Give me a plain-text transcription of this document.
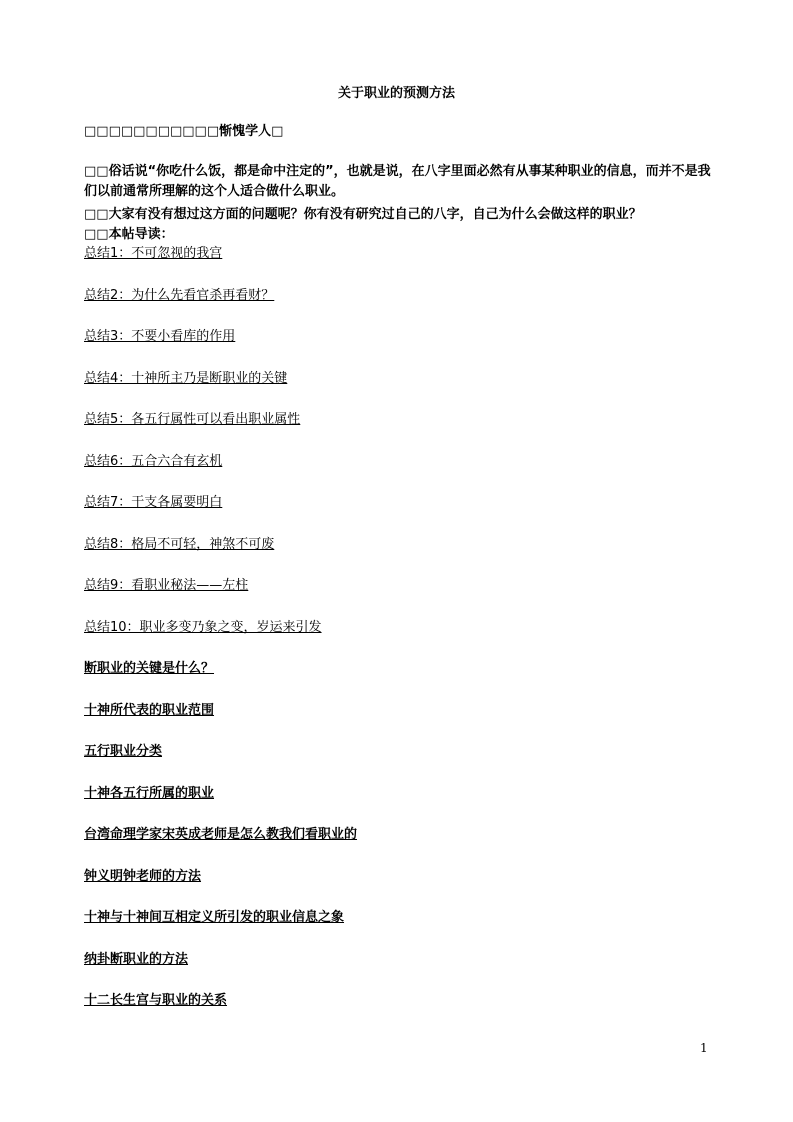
关于职业的预测方法
□□□□□□□□□□□惭愧学人□
□□俗话说“你吃什么饭，都是命中注定的”，也就是说，在八字里面必然有从事某种职业的信息，而并不是我们以前通常所理解的这个人适合做什么职业。
□□大家有没有想过这方面的问题呢？你有没有研究过自己的八字，自己为什么会做这样的职业？
□□本帖导读：
总结1：不可忽视的我宫
总结2：为什么先看官杀再看财？
总结3：不要小看库的作用
总结4：十神所主乃是断职业的关键
总结5：各五行属性可以看出职业属性
总结6：五合六合有玄机
总结7：干支各属要明白
总结8：格局不可轻，神煞不可废
总结9：看职业秘法——左柱
总结10：职业多变乃象之变，岁运来引发
断职业的关键是什么？
十神所代表的职业范围
五行职业分类
十神各五行所属的职业
台湾命理学家宋英成老师是怎么教我们看职业的
钟义明钟老师的方法
十神与十神间互相定义所引发的职业信息之象
纳卦断职业的方法
十二长生宫与职业的关系
1
